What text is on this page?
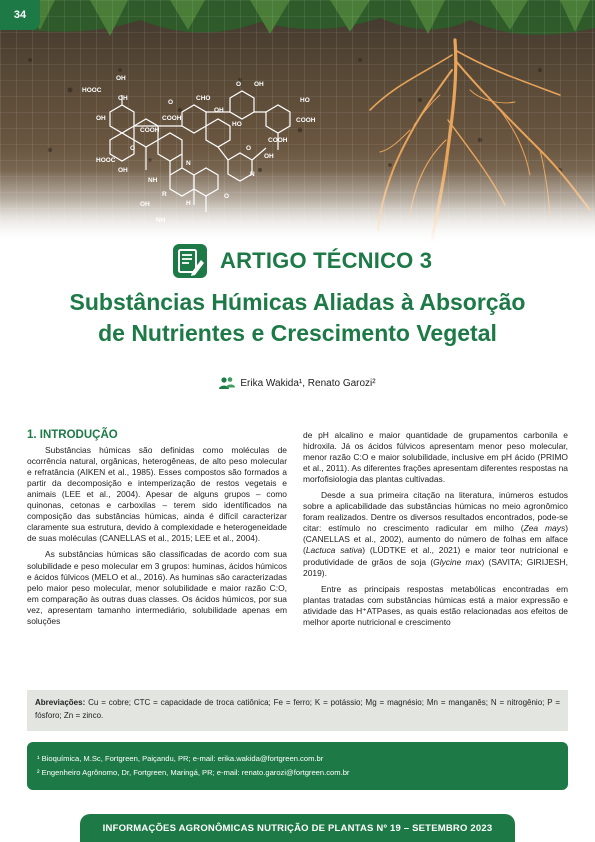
HOOC
OH
CHO
COOH
O OH
HO
OH
COOH
HO
COOH
O
OH
OH
COOH
HOOC
O	O
OH
N
34
ARTIGO TÉCNICO 3
Substâncias Húmicas Aliadas à Absorção
de Nutrientes e Crescimento Vegetal
Erika Wakida¹, Renato Garozi²
1. INTRODUÇÃO

Substâncias húmicas são definidas como moléculas de ocorrência natural, orgânicas, heterogêneas, de alto peso molecular e refratância (AIKEN et al., 1985). Esses compostos são formados a partir da decomposição e intemperização de restos vegetais e animais (LEE et al., 2004). Apesar de alguns grupos – como quinonas, cetonas e carboxilas – terem sido identificados na composição das substâncias húmicas, ainda é difícil caracterizar claramente sua estrutura, devido à complexidade e heterogeneidade de suas moléculas (CANELLAS et al., 2015; LEE et al., 2004).

As substâncias húmicas são classificadas de acordo com sua solubilidade e peso molecular em 3 grupos: huminas, ácidos húmicos e ácidos fúlvicos (MELO et al., 2016). As huminas são caracterizadas pelo maior peso molecular, menor solubilidade e maior razão C:O, em comparação às outras duas classes. Os ácidos húmicos, por sua vez, apresentam tamanho intermediário, solubilidade apenas em soluções

de pH alcalino e maior quantidade de grupamentos carbonila e hidroxila. Já os ácidos fúlvicos apresentam menor peso molecular, menor razão C:O e maior solubilidade, inclusive em pH ácido (PRIMO et al., 2011). As diferentes frações apresentam diferentes respostas na morfofisiologia das plantas cultivadas.

Desde a sua primeira citação na literatura, inúmeros estudos sobre a aplicabilidade das substâncias húmicas no meio agronômico foram realizados. Dentre os diversos resultados encontrados, pode-se citar: estímulo no crescimento radicular em milho (Zea mays) (CANELLAS et al., 2002), aumento do número de folhas em alface (Lactuca sativa) (LÜDTKE et al., 2021) e maior teor nutricional e produtividade de grãos de soja (Glycine max) (SAVITA; GIRIJESH, 2019).

Entre as principais respostas metabólicas encontradas em plantas tratadas com substâncias húmicas está a maior expressão e atividade das H⁺ATPases, as quais estão relacionadas aos efeitos de melhor aporte nutricional e crescimento

Abreviações: Cu = cobre; CTC = capacidade de troca catiônica; Fe = ferro; K = potássio; Mg = magnésio; Mn = manganês; N = nitrogênio; P = fósforo; Zn = zinco.
¹ Bioquímica, M.Sc, Fortgreen, Paiçandu, PR; e-mail: erika.wakida@fortgreen.com.br
² Engenheiro Agrônomo, Dr, Fortgreen, Maringá, PR; e-mail: renato.garozi@fortgreen.com.br
INFORMAÇÕES AGRONÔMICAS NUTRIÇÃO DE PLANTAS Nº 19 – SETEMBRO 2023
